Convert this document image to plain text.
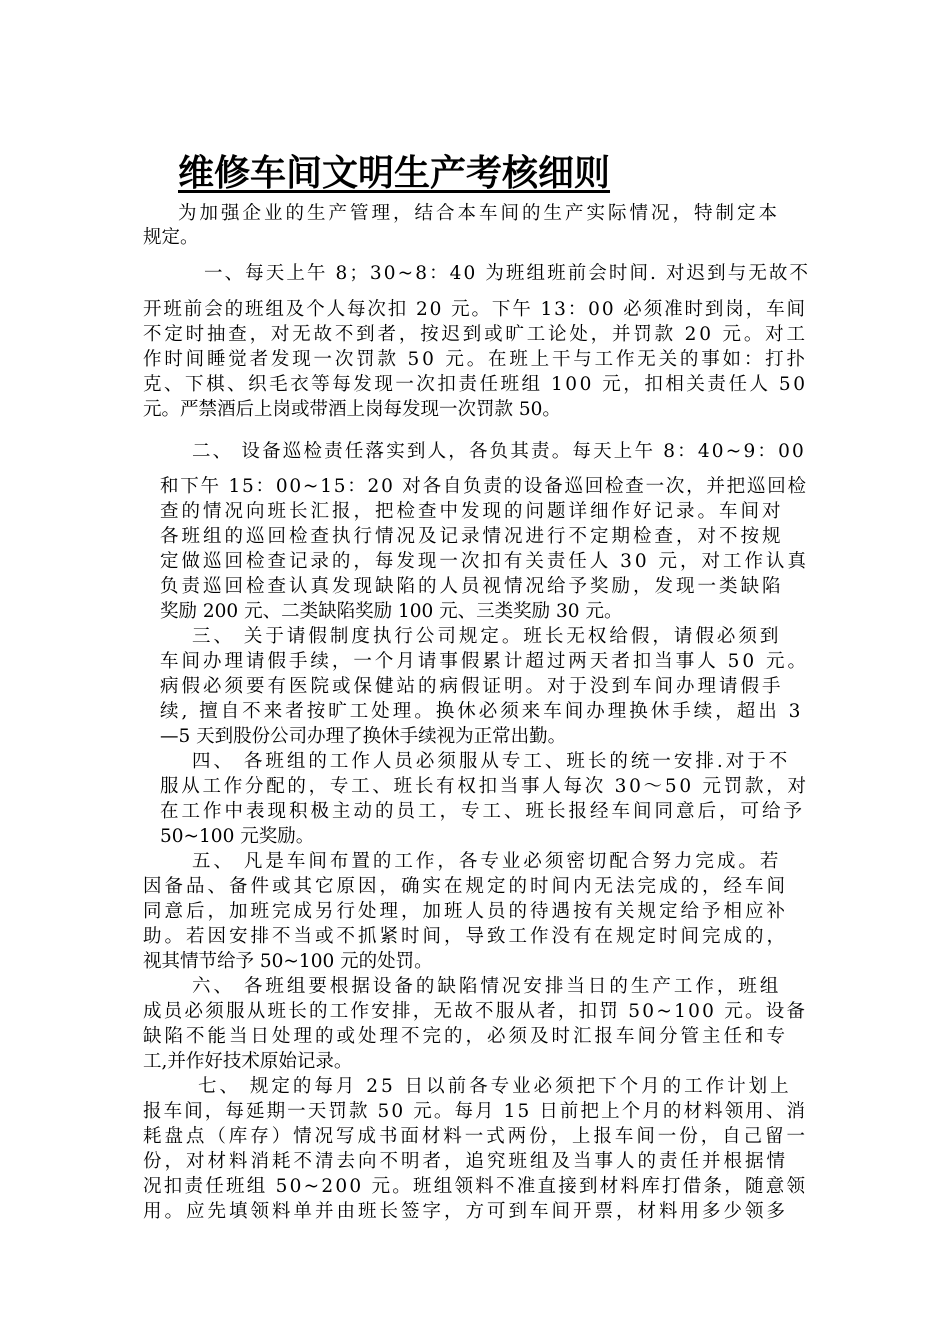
维修车间文明生产考核细则
为加强企业的生产管理，结合本车间的生产实际情况，特制定本
规定。
一、每天上午 8；30~8：40 为班组班前会时间. 对迟到与无故不
开班前会的班组及个人每次扣 20 元。下午 13：00 必须准时到岗，车间
不定时抽查，对无故不到者，按迟到或旷工论处，并罚款 20 元。对工
作时间睡觉者发现一次罚款 50 元。在班上干与工作无关的事如：打扑
克、下棋、织毛衣等每发现一次扣责任班组 100 元，扣相关责任人 50
元。严禁酒后上岗或带酒上岗每发现一次罚款 50。
二、 设备巡检责任落实到人，各负其责。每天上午 8：40~9：00
和下午 15：00~15：20 对各自负责的设备巡回检查一次，并把巡回检
查的情况向班长汇报，把检查中发现的问题详细作好记录。车间对
各班组的巡回检查执行情况及记录情况进行不定期检查，对不按规
定做巡回检查记录的，每发现一次扣有关责任人 30 元，对工作认真
负责巡回检查认真发现缺陷的人员视情况给予奖励，发现一类缺陷
奖励 200 元、二类缺陷奖励 100 元、三类奖励 30 元。
三、 关于请假制度执行公司规定。班长无权给假，请假必须到
车间办理请假手续，一个月请事假累计超过两天者扣当事人 50 元。
病假必须要有医院或保健站的病假证明。对于没到车间办理请假手
续, 擅自不来者按旷工处理。换休必须来车间办理换休手续，超出 3
—5 天到股份公司办理了换休手续视为正常出勤。
四、 各班组的工作人员必须服从专工、班长的统一安排.对于不
服从工作分配的，专工、班长有权扣当事人每次 30～50 元罚款，对
在工作中表现积极主动的员工，专工、班长报经车间同意后，可给予
50~100 元奖励。
五、 凡是车间布置的工作，各专业必须密切配合努力完成。若
因备品、备件或其它原因，确实在规定的时间内无法完成的，经车间
同意后，加班完成另行处理，加班人员的待遇按有关规定给予相应补
助。若因安排不当或不抓紧时间，导致工作没有在规定时间完成的，
视其情节给予 50~100 元的处罚。
六、 各班组要根据设备的缺陷情况安排当日的生产工作，班组
成员必须服从班长的工作安排，无故不服从者，扣罚 50~100 元。设备
缺陷不能当日处理的或处理不完的，必须及时汇报车间分管主任和专
工,并作好技术原始记录。
七、 规定的每月 25 日以前各专业必须把下个月的工作计划上
报车间，每延期一天罚款 50 元。每月 15 日前把上个月的材料领用、消
耗盘点（库存）情况写成书面材料一式两份，上报车间一份，自己留一
份，对材料消耗不清去向不明者，追究班组及当事人的责任并根据情
况扣责任班组 50~200 元。班组领料不准直接到材料库打借条，随意领
用。应先填领料单并由班长签字，方可到车间开票，材料用多少领多
